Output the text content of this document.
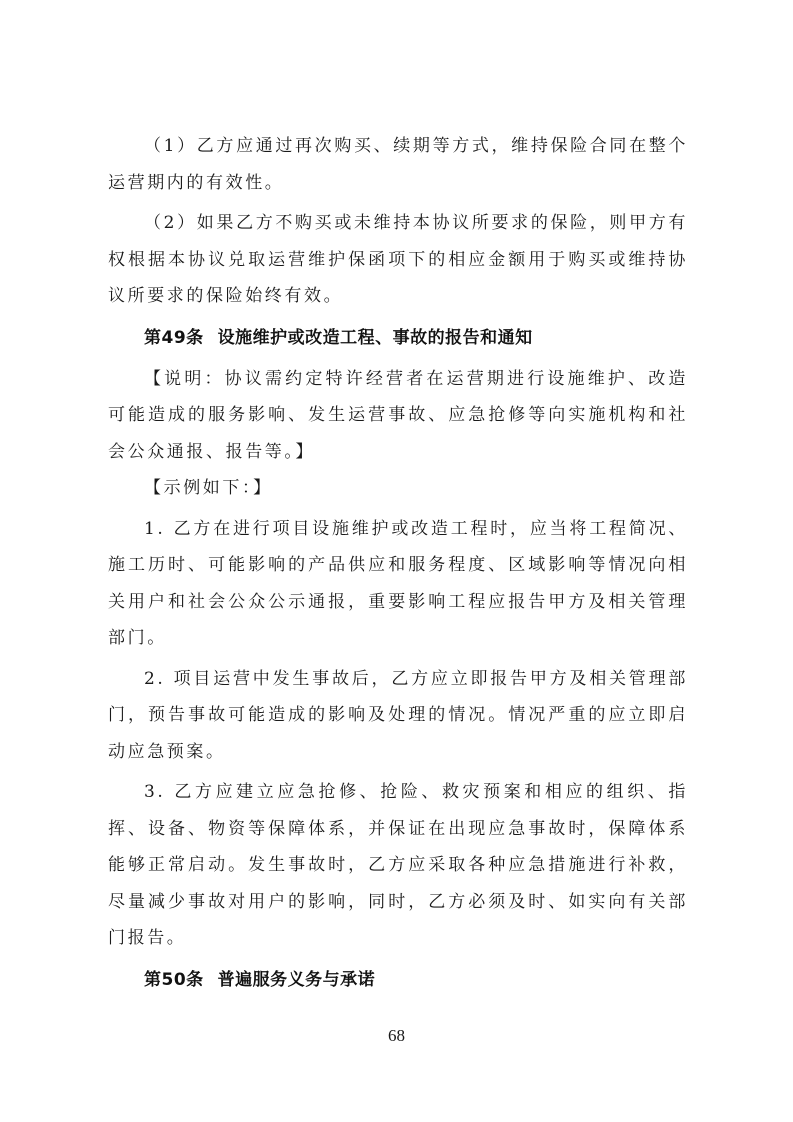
（1）乙方应通过再次购买、续期等方式，维持保险合同在整个运营期内的有效性。

（2）如果乙方不购买或未维持本协议所要求的保险，则甲方有权根据本协议兑取运营维护保函项下的相应金额用于购买或维持协议所要求的保险始终有效。

第49条 设施维护或改造工程、事故的报告和通知

【说明：协议需约定特许经营者在运营期进行设施维护、改造可能造成的服务影响、发生运营事故、应急抢修等向实施机构和社会公众通报、报告等。】

【示例如下：】

1. 乙方在进行项目设施维护或改造工程时，应当将工程简况、施工历时、可能影响的产品供应和服务程度、区域影响等情况向相关用户和社会公众公示通报，重要影响工程应报告甲方及相关管理部门。

2. 项目运营中发生事故后，乙方应立即报告甲方及相关管理部门，预告事故可能造成的影响及处理的情况。情况严重的应立即启动应急预案。

3. 乙方应建立应急抢修、抢险、救灾预案和相应的组织、指挥、设备、物资等保障体系，并保证在出现应急事故时，保障体系能够正常启动。发生事故时，乙方应采取各种应急措施进行补救，尽量减少事故对用户的影响，同时，乙方必须及时、如实向有关部门报告。

第50条 普遍服务义务与承诺
68
